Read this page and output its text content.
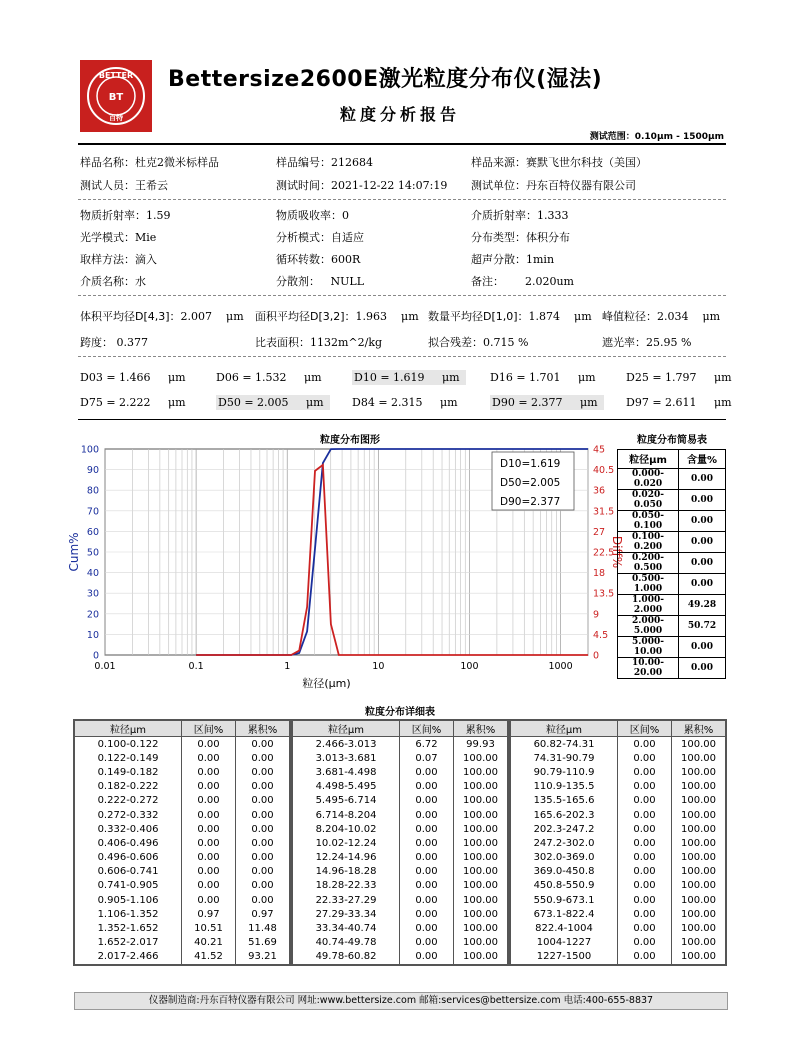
BETTER
BT
百特
Bettersize2600E激光粒度分布仪(湿法)
粒度分析报告
测试范围：0.10μm - 1500μm
样品名称：杜克2微米标样品	样品编号：212684	样品来源：赛默飞世尔科技（美国）
测试人员：王希云	测试时间：2021-12-22 14:07:19 测试单位：丹东百特仪器有限公司
物质折射率：1.59	物质吸收率：0	介质折射率：1.333
光学模式：Mie	分析模式：自适应	分布类型：体积分布
取样方法：滴入	循环转数：600R	超声分散：1min
介质名称：水	分散剂： NULL	备注： 2.020um
体积平均径D[4,3]：2.007 μm 面积平均径D[3,2]：1.963 μm 数量平均径D[1,0]：1.874 μm 峰值粒径：2.034 μm
跨度： 0.377	比表面积：1132m^2/kg	拟合残差：0.715 %	遮光率：25.95 %
D03 = 1.466 μm	D06 = 1.532 μm	D10 = 1.619 μm	D16 = 1.701 μm	D25 = 1.797 μm
D75 = 2.222 μm	D50 = 2.005 μm	D84 = 2.315 μm	D90 = 2.377 μm	D97 = 2.611 μm
粒度分布图形
0
10
20
30
40
50
60
70
80
90
100
0
4.5
9
13.5
18
22.5
27
31.5
36
40.5
45
0.01	0.1	1	10	100	1000
粒径(μm)
Cum%	Diff%
D10=1.619
D50=2.005
D90=2.377
粒度分布简易表
粒径μm	含量%
0.000-0.020	0.00
0.020-0.050	0.00
0.050-0.100	0.00
0.100-0.200	0.00
0.200-0.500	0.00
0.500-1.000	0.00
1.000-2.000	49.28
2.000-5.000	50.72
5.000-10.00	0.00
10.00-20.00	0.00
粒度分布详细表
粒径μm	区间%	累积%
0.100-0.122	0.00	0.00
0.122-0.149	0.00	0.00
0.149-0.182	0.00	0.00
0.182-0.222	0.00	0.00
0.222-0.272	0.00	0.00
0.272-0.332	0.00	0.00
0.332-0.406	0.00	0.00
0.406-0.496	0.00	0.00
0.496-0.606	0.00	0.00
0.606-0.741	0.00	0.00
0.741-0.905	0.00	0.00
0.905-1.106	0.00	0.00
1.106-1.352	0.97	0.97
1.352-1.652	10.51	11.48
1.652-2.017	40.21	51.69
2.017-2.466	41.52	93.21
粒径μm	区间%	累积%
2.466-3.013	6.72	99.93
3.013-3.681	0.07	100.00
3.681-4.498	0.00	100.00
4.498-5.495	0.00	100.00
5.495-6.714	0.00	100.00
6.714-8.204	0.00	100.00
8.204-10.02	0.00	100.00
10.02-12.24	0.00	100.00
12.24-14.96	0.00	100.00
14.96-18.28	0.00	100.00
18.28-22.33	0.00	100.00
22.33-27.29	0.00	100.00
27.29-33.34	0.00	100.00
33.34-40.74	0.00	100.00
40.74-49.78	0.00	100.00
49.78-60.82	0.00	100.00
粒径μm	区间%	累积%
60.82-74.31	0.00	100.00
74.31-90.79	0.00	100.00
90.79-110.9	0.00	100.00
110.9-135.5	0.00	100.00
135.5-165.6	0.00	100.00
165.6-202.3	0.00	100.00
202.3-247.2	0.00	100.00
247.2-302.0	0.00	100.00
302.0-369.0	0.00	100.00
369.0-450.8	0.00	100.00
450.8-550.9	0.00	100.00
550.9-673.1	0.00	100.00
673.1-822.4	0.00	100.00
822.4-1004	0.00	100.00
1004-1227	0.00	100.00
1227-1500	0.00	100.00
仪器制造商:丹东百特仪器有限公司 网址:www.bettersize.com 邮箱:services@bettersize.com 电话:400-655-8837
